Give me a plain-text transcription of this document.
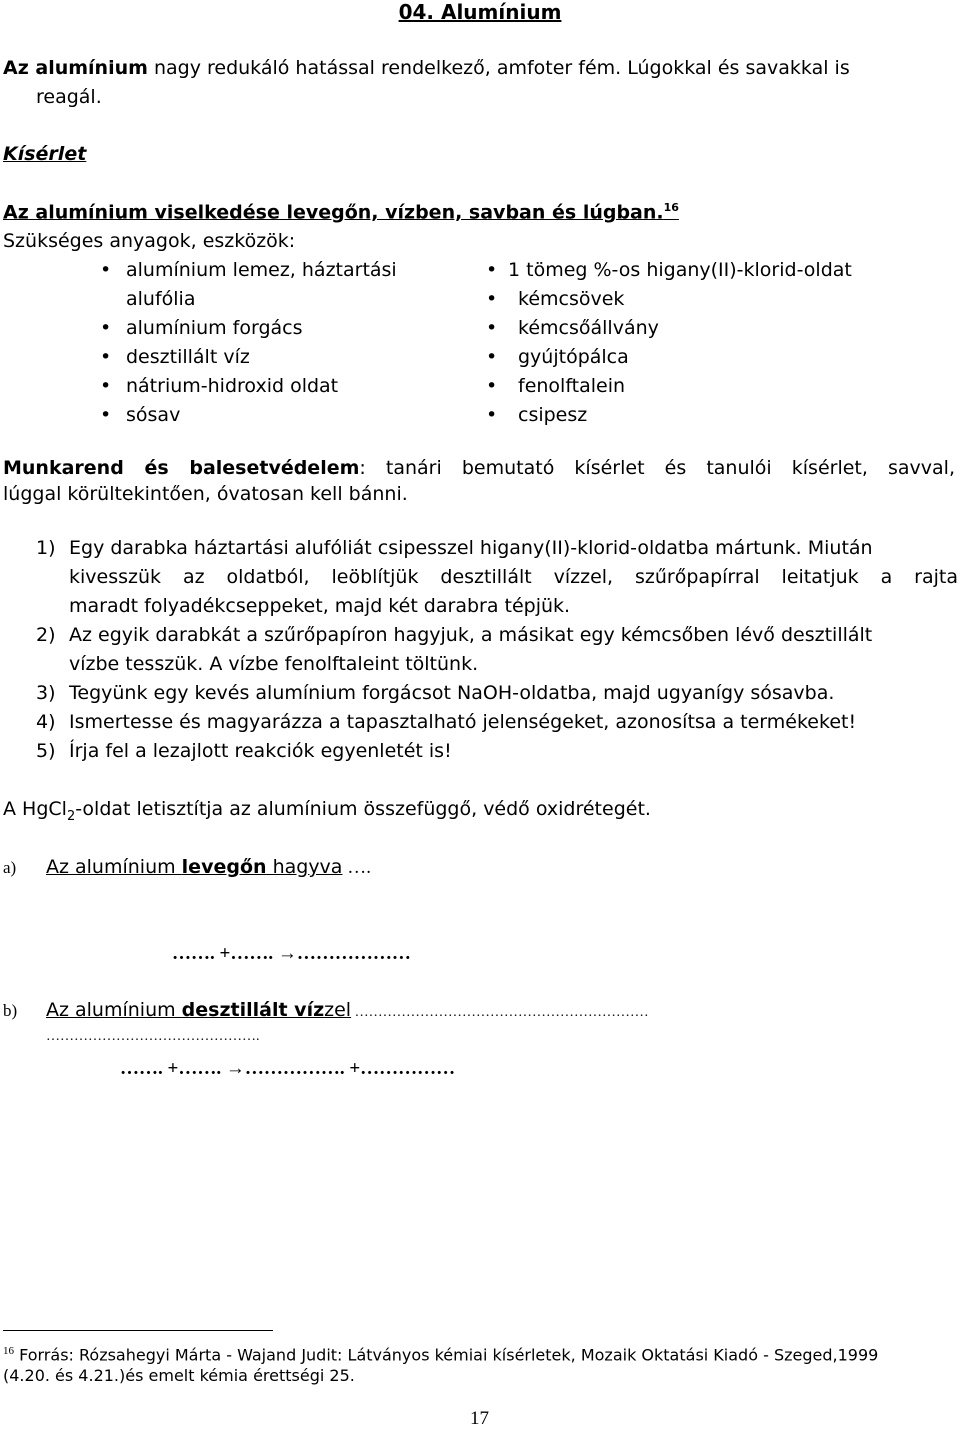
04. Alumínium
Az alumínium nagy redukáló hatással rendelkező, amfoter fém. Lúgokkal és savakkal is
reagál.
Kísérlet
Az alumínium viselkedése levegőn, vízben, savban és lúgban.$^{16}$
Szükséges anyagok, eszközök:
• alumínium lemez, háztartási
alufólia
• alumínium forgács
• desztillált víz
• nátrium-hidroxid oldat
• sósav
• 1 tömeg %-os higany(II)-klorid-oldat
• kémcsövek
• kémcsőállvány
• gyújtópálca
• fenolftalein
• csipesz
Munkarend és balesetvédelem: tanári bemutató kísérlet és tanulói kísérlet, savval,
lúggal körültekintően, óvatosan kell bánni.
1) Egy darabka háztartási alufóliát csipesszel higany(II)-klorid-oldatba mártunk. Miután
kivesszük az oldatból, leöblítjük desztillált vízzel, szűrőpapírral leitatjuk a rajta
maradt folyadékcseppeket, majd két darabra tépjük.
2) Az egyik darabkát a szűrőpapíron hagyjuk, a másikat egy kémcsőben lévő desztillált
vízbe tesszük. A vízbe fenolftaleint töltünk.
3) Tegyünk egy kevés alumínium forgácsot NaOH-oldatba, majd ugyanígy sósavba.
4) Ismertesse és magyarázza a tapasztalható jelenségeket, azonosítsa a termékeket!
5) Írja fel a lezajlott reakciók egyenletét is!
A HgCl$_2$-oldat letisztítja az alumínium összefüggő, védő oxidrétegét.
a) Az alumínium levegőn hagyva ….
……. +……. →………………
b) Az alumínium desztillált vízzel ………………………………………………………
……………………………………….
……. +……. →……………. +……………
$^{16}$ Forrás: Rózsahegyi Márta - Wajand Judit: Látványos kémiai kísérletek, Mozaik Oktatási Kiadó - Szeged,1999
(4.20. és 4.21.)és emelt kémia érettségi 25.
17
